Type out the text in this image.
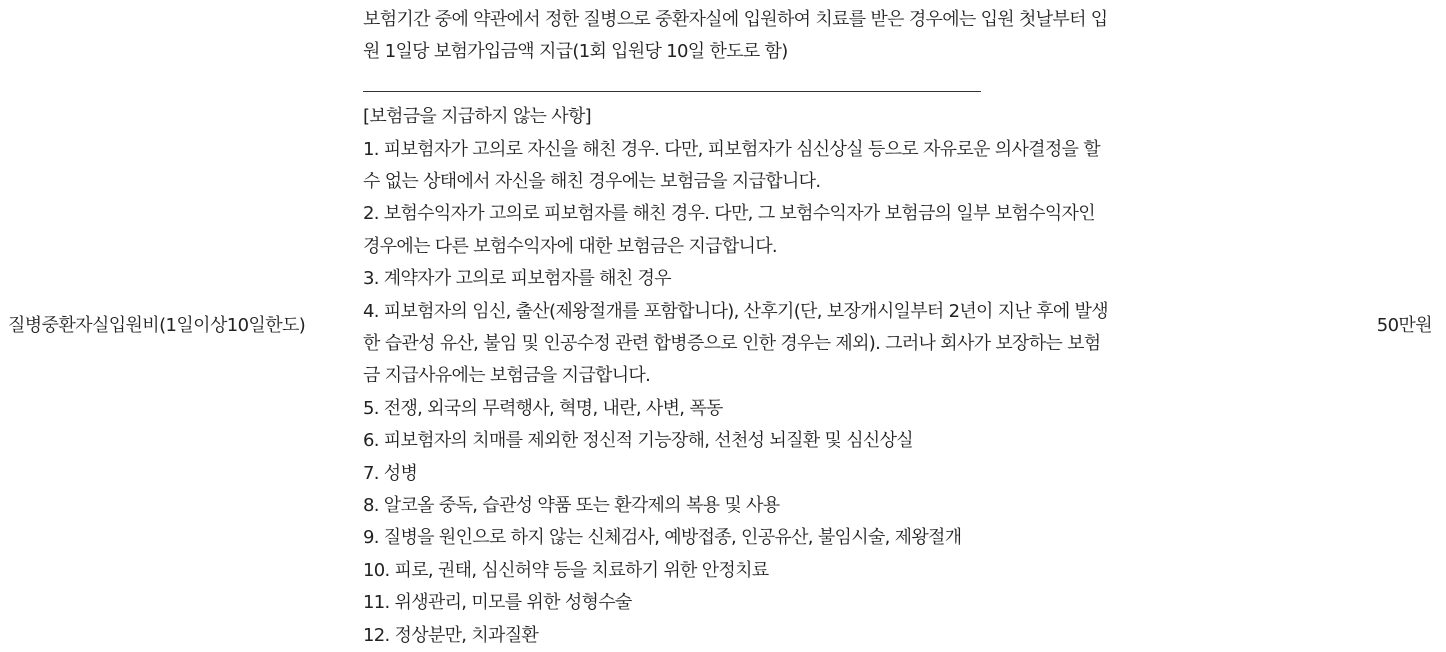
질병중환자실입원비(1일이상10일한도)
보험기간 중에 약관에서 정한 질병으로 중환자실에 입원하여 치료를 받은 경우에는 입원 첫날부터 입
원 1일당 보험가입금액 지급(1회 입원당 10일 한도로 함)
[보험금을 지급하지 않는 사항]
1. 피보험자가 고의로 자신을 해친 경우. 다만, 피보험자가 심신상실 등으로 자유로운 의사결정을 할
수 없는 상태에서 자신을 해친 경우에는 보험금을 지급합니다.
2. 보험수익자가 고의로 피보험자를 해친 경우. 다만, 그 보험수익자가 보험금의 일부 보험수익자인
경우에는 다른 보험수익자에 대한 보험금은 지급합니다.
3. 계약자가 고의로 피보험자를 해친 경우
4. 피보험자의 임신, 출산(제왕절개를 포함합니다), 산후기(단, 보장개시일부터 2년이 지난 후에 발생
한 습관성 유산, 불임 및 인공수정 관련 합병증으로 인한 경우는 제외). 그러나 회사가 보장하는 보험
금 지급사유에는 보험금을 지급합니다.
5. 전쟁, 외국의 무력행사, 혁명, 내란, 사변, 폭동
6. 피보험자의 치매를 제외한 정신적 기능장해, 선천성 뇌질환 및 심신상실
7. 성병
8. 알코올 중독, 습관성 약품 또는 환각제의 복용 및 사용
9. 질병을 원인으로 하지 않는 신체검사, 예방접종, 인공유산, 불임시술, 제왕절개
10. 피로, 권태, 심신허약 등을 치료하기 위한 안정치료
11. 위생관리, 미모를 위한 성형수술
12. 정상분만, 치과질환
50만원
